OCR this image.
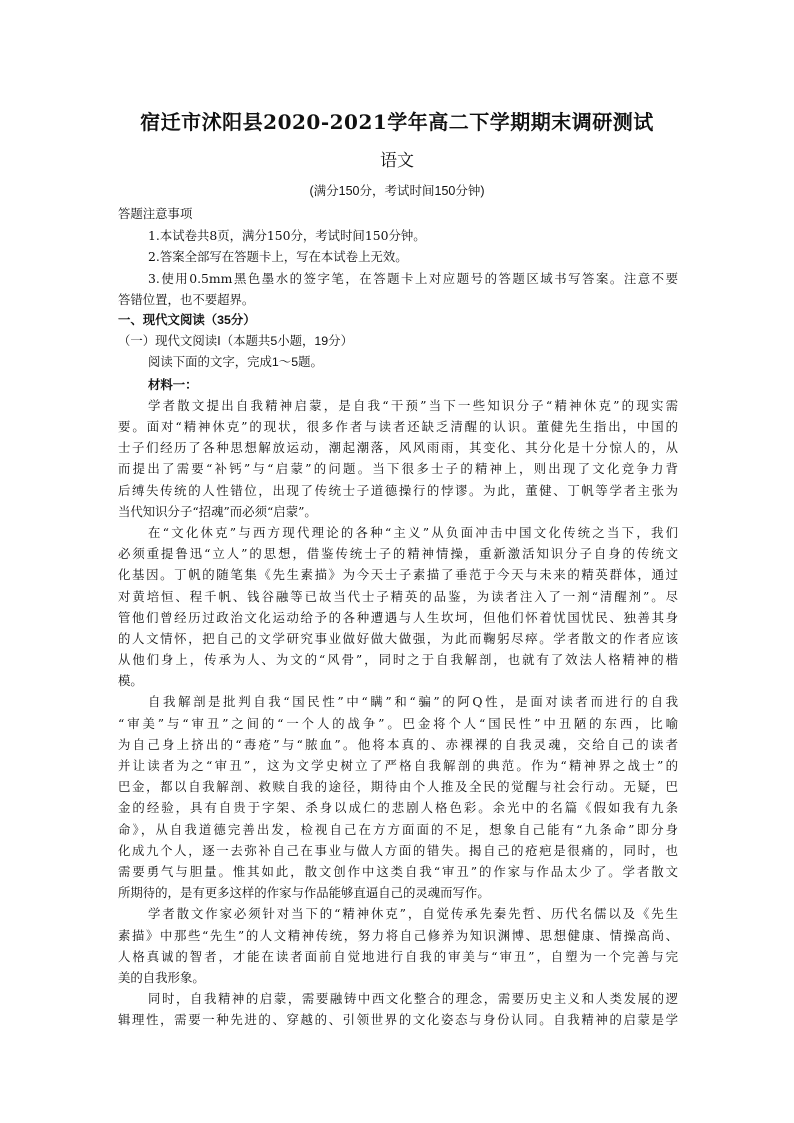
宿迁市沭阳县2020-2021学年高二下学期期末调研测试
语文
(满分150分，考试时间150分钟)
答题注意事项
1.本试卷共8页，满分150分，考试时间150分钟。
2.答案全部写在答题卡上，写在本试卷上无效。
3.使用0.5mm黑色墨水的签字笔，在答题卡上对应题号的答题区域书写答案。注意不要
答错位置，也不要超界。
一、现代文阅读（35分）
（一）现代文阅读Ⅰ（本题共5小题，19分）
阅读下面的文字，完成1～5题。
材料一：
学者散文提出自我精神启蒙，是自我“干预”当下一些知识分子“精神休克”的现实需
要。面对“精神休克”的现状，很多作者与读者还缺乏清醒的认识。董健先生指出，中国的
士子们经历了各种思想解放运动，潮起潮落，风风雨雨，其变化、其分化是十分惊人的，从
而提出了需要“补钙”与“启蒙”的问题。当下很多士子的精神上，则出现了文化竞争力背
后缚失传统的人性错位，出现了传统士子道德操行的悖谬。为此，董健、丁帆等学者主张为
当代知识分子“招魂”而必须“启蒙”。
在“文化休克”与西方现代理论的各种“主义”从负面冲击中国文化传统之当下，我们
必须重提鲁迅“立人”的思想，借鉴传统士子的精神情操，重新激活知识分子自身的传统文
化基因。丁帆的随笔集《先生素描》为今天士子素描了垂范于今天与未来的精英群体，通过
对黄培恒、程千帆、钱谷融等已故当代士子精英的品鉴，为读者注入了一剂“清醒剂”。尽
管他们曾经历过政治文化运动给予的各种遭遇与人生坎坷，但他们怀着忧国忧民、独善其身
的人文情怀，把自己的文学研究事业做好做大做强，为此而鞠躬尽瘁。学者散文的作者应该
从他们身上，传承为人、为文的“风骨”，同时之于自我解剖，也就有了效法人格精神的楷
模。
自我解剖是批判自我“国民性”中“瞒”和“骗”的阿Q性，是面对读者而进行的自我
“审美”与“审丑”之间的“一个人的战争”。巴金将个人“国民性”中丑陋的东西，比喻
为自己身上挤出的“毒疮”与“脓血”。他将本真的、赤裸裸的自我灵魂，交给自己的读者
并让读者为之“审丑”，这为文学史树立了严格自我解剖的典范。作为“精神界之战士”的
巴金，都以自我解剖、救赎自我的途径，期待由个人推及全民的觉醒与社会行动。无疑，巴
金的经验，具有自贵于字架、杀身以成仁的悲剧人格色彩。余光中的名篇《假如我有九条
命》，从自我道德完善出发，检视自己在方方面面的不足，想象自己能有“九条命”即分身
化成九个人，逐一去弥补自己在事业与做人方面的错失。揭自己的疮疤是很痛的，同时，也
需要勇气与胆量。惟其如此，散文创作中这类自我“审丑”的作家与作品太少了。学者散文
所期待的，是有更多这样的作家与作品能够直逼自己的灵魂而写作。
学者散文作家必须针对当下的“精神休克”，自觉传承先秦先哲、历代名儒以及《先生
素描》中那些“先生”的人文精神传统，努力将自己修养为知识渊博、思想健康、情操高尚、
人格真诚的智者，才能在读者面前自觉地进行自我的审美与“审丑”，自塑为一个完善与完
美的自我形象。
同时，自我精神的启蒙，需要融铸中西文化整合的理念，需要历史主义和人类发展的逻
辑理性，需要一种先进的、穿越的、引领世界的文化姿态与身份认同。自我精神的启蒙是学
